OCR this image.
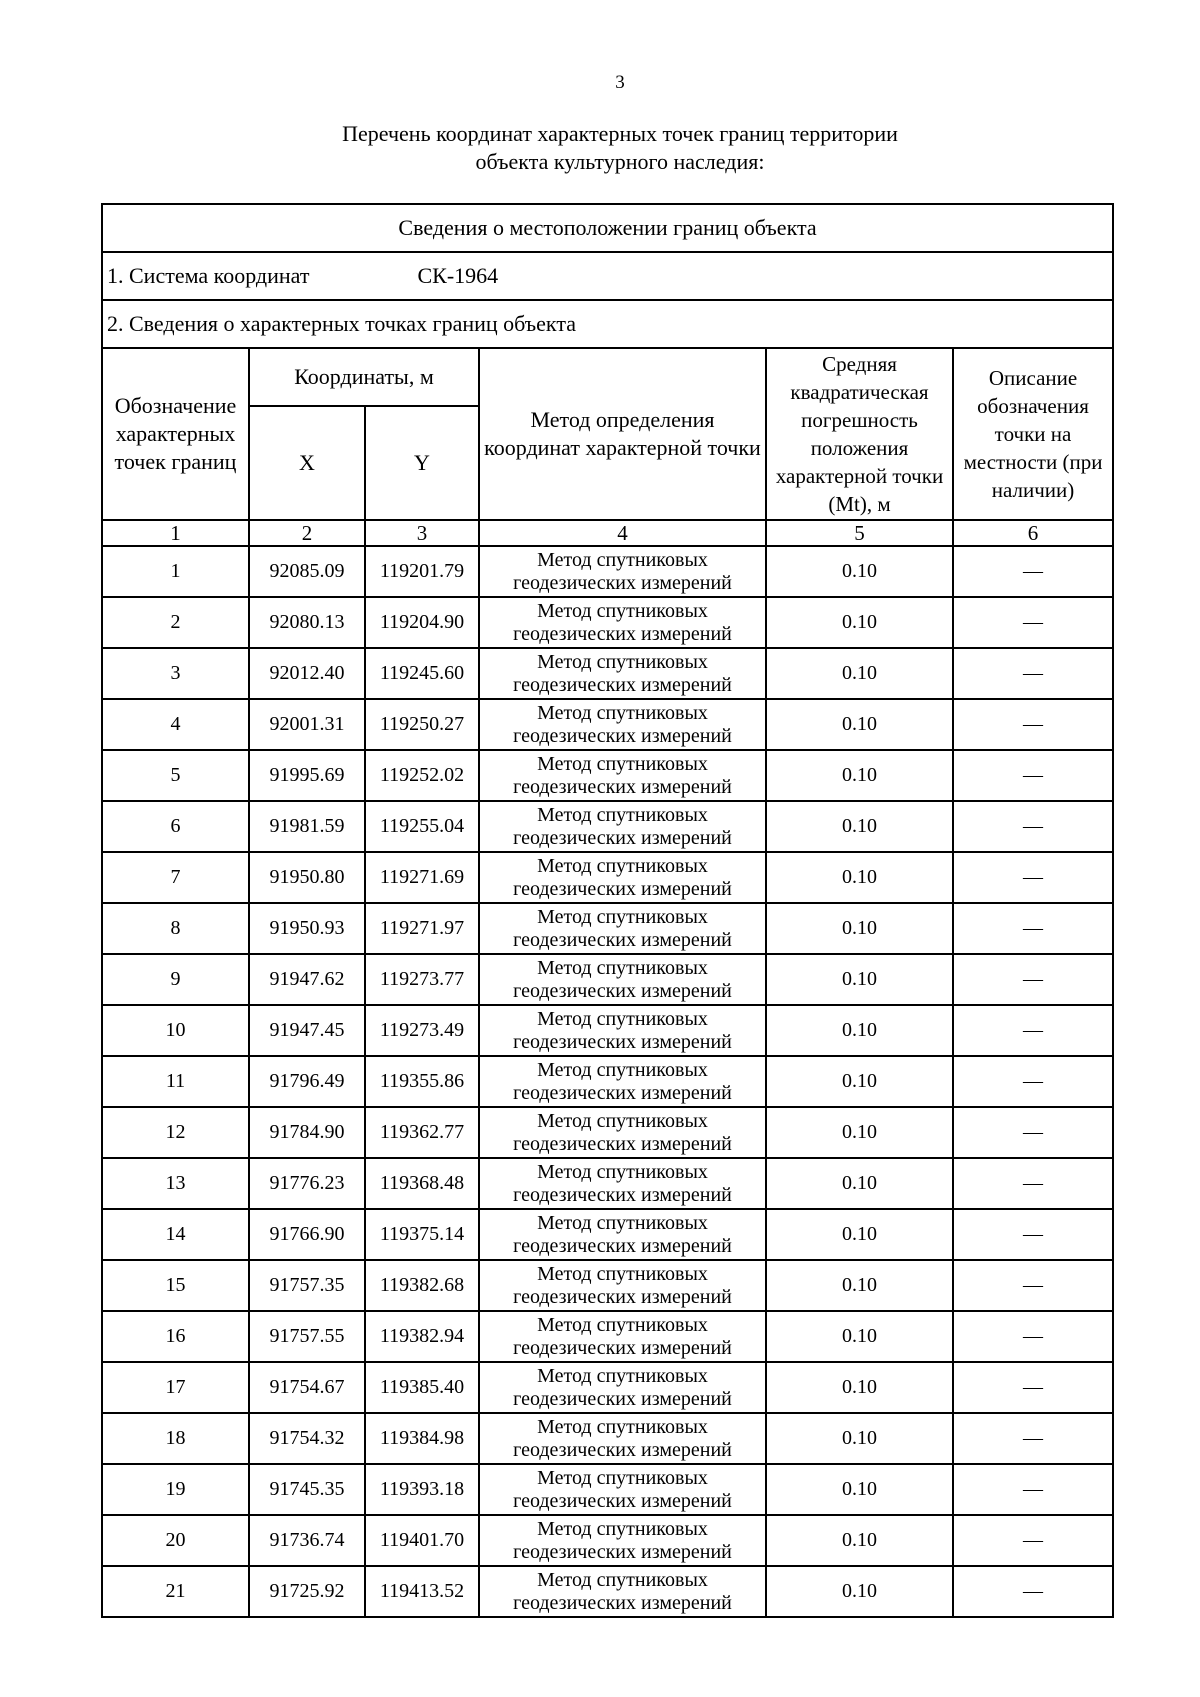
3
Перечень координат характерных точек границ территории
объекта культурного наследия:
Сведения о местоположении границ объекта					
1. Система координат СК-1964					
2. Сведения о характерных точках границ объекта					
Обозначение характерных точек границ	Координаты, м		Метод определения координат характерной точки	Средняя квадратическая погрешность положения характерной точки (Mt), м	Описание обозначения точки на местности (при наличии)
	X	Y			
1	2	3	4	5	6
1	92085.09	119201.79	Метод спутниковых геодезических измерений	0.10	—
2	92080.13	119204.90	Метод спутниковых геодезических измерений	0.10	—
3	92012.40	119245.60	Метод спутниковых геодезических измерений	0.10	—
4	92001.31	119250.27	Метод спутниковых геодезических измерений	0.10	—
5	91995.69	119252.02	Метод спутниковых геодезических измерений	0.10	—
6	91981.59	119255.04	Метод спутниковых геодезических измерений	0.10	—
7	91950.80	119271.69	Метод спутниковых геодезических измерений	0.10	—
8	91950.93	119271.97	Метод спутниковых геодезических измерений	0.10	—
9	91947.62	119273.77	Метод спутниковых геодезических измерений	0.10	—
10	91947.45	119273.49	Метод спутниковых геодезических измерений	0.10	—
11	91796.49	119355.86	Метод спутниковых геодезических измерений	0.10	—
12	91784.90	119362.77	Метод спутниковых геодезических измерений	0.10	—
13	91776.23	119368.48	Метод спутниковых геодезических измерений	0.10	—
14	91766.90	119375.14	Метод спутниковых геодезических измерений	0.10	—
15	91757.35	119382.68	Метод спутниковых геодезических измерений	0.10	—
16	91757.55	119382.94	Метод спутниковых геодезических измерений	0.10	—
17	91754.67	119385.40	Метод спутниковых геодезических измерений	0.10	—
18	91754.32	119384.98	Метод спутниковых геодезических измерений	0.10	—
19	91745.35	119393.18	Метод спутниковых геодезических измерений	0.10	—
20	91736.74	119401.70	Метод спутниковых геодезических измерений	0.10	—
21	91725.92	119413.52	Метод спутниковых геодезических измерений	0.10	—
